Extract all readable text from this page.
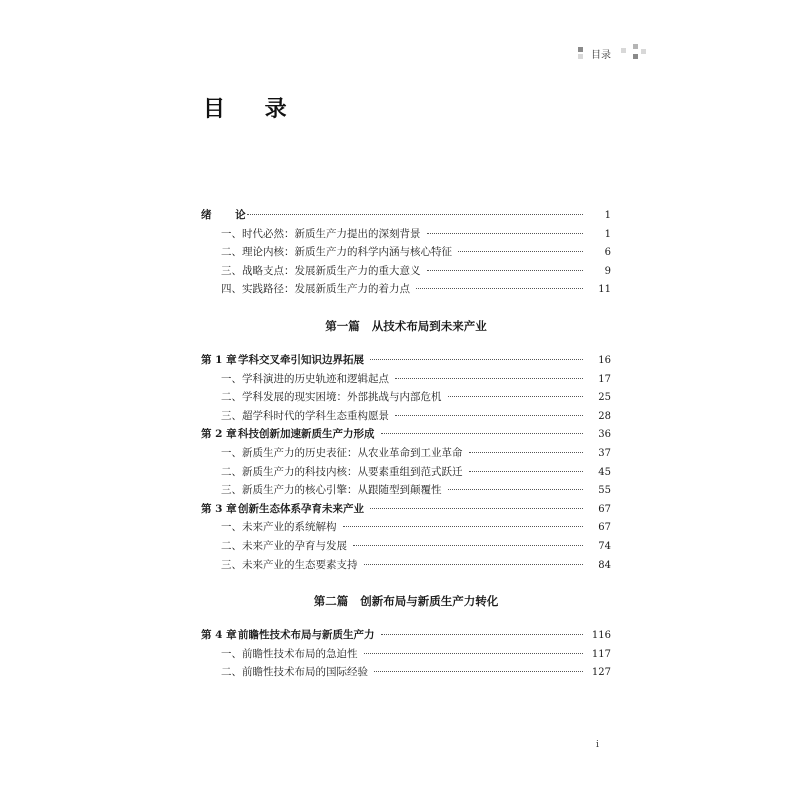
目录
目 录
绪 论	1
一、时代必然：新质生产力提出的深刻背景	1
二、理论内核：新质生产力的科学内涵与核心特征	6
三、战略支点：发展新质生产力的重大意义	9
四、实践路径：发展新质生产力的着力点	11
第一篇 从技术布局到未来产业
第 1 章学科交叉牵引知识边界拓展	16
一、学科演进的历史轨迹和逻辑起点	17
二、学科发展的现实困境：外部挑战与内部危机	25
三、超学科时代的学科生态重构愿景	28
第 2 章科技创新加速新质生产力形成	36
一、新质生产力的历史表征：从农业革命到工业革命	37
二、新质生产力的科技内核：从要素重组到范式跃迁	45
三、新质生产力的核心引擎：从跟随型到颠覆性	55
第 3 章创新生态体系孕育未来产业	67
一、未来产业的系统解构	67
二、未来产业的孕育与发展	74
三、未来产业的生态要素支持	84
第二篇 创新布局与新质生产力转化
第 4 章前瞻性技术布局与新质生产力	116
一、前瞻性技术布局的急迫性	117
二、前瞻性技术布局的国际经验	127
i
